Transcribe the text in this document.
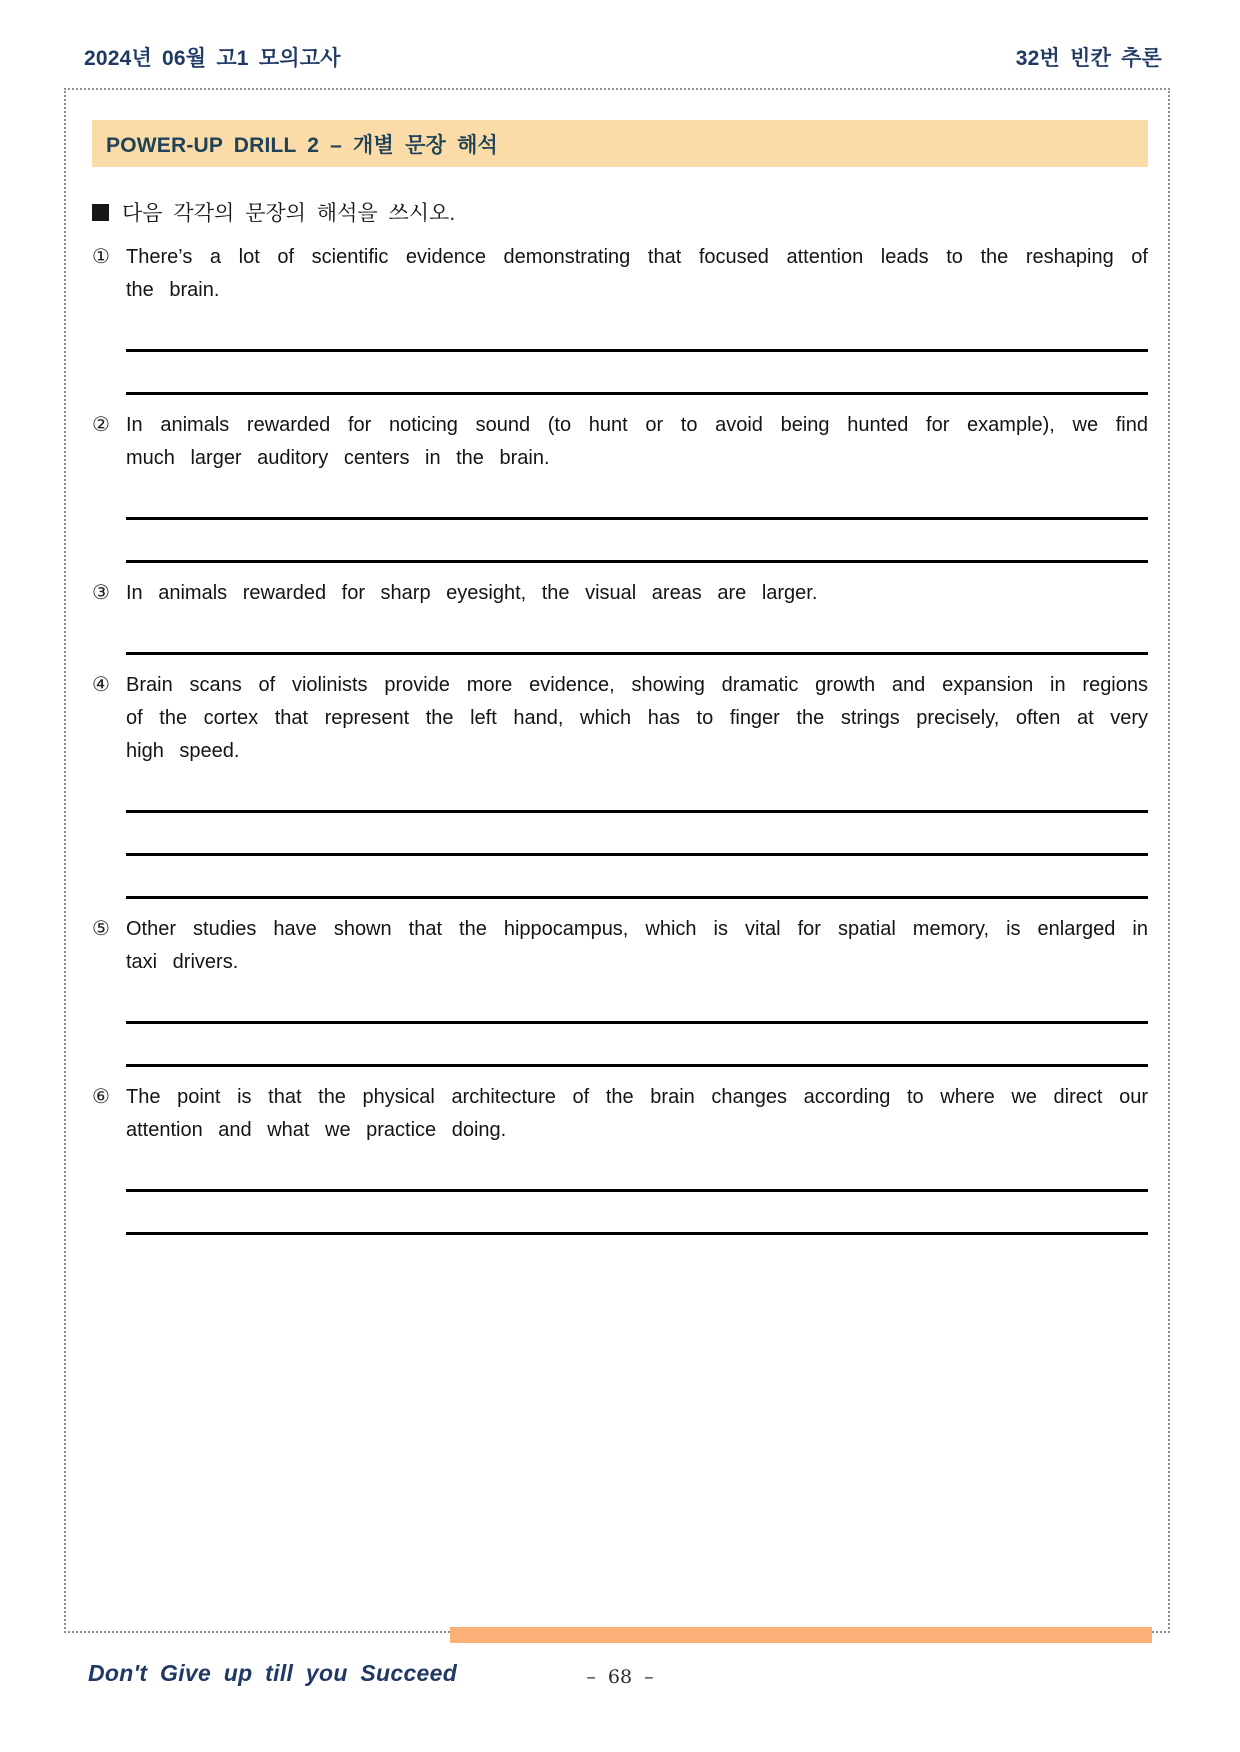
2024년 06월 고1 모의고사	32번 빈칸 추론
POWER-UP DRILL 2 – 개별 문장 해석
다음 각각의 문장의 해석을 쓰시오.
① There’s a lot of scientific evidence demonstrating that focused attention leads to the reshaping of the brain.
② In animals rewarded for noticing sound (to hunt or to avoid being hunted for example), we find much larger auditory centers in the brain.
③ In animals rewarded for sharp eyesight, the visual areas are larger.
④ Brain scans of violinists provide more evidence, showing dramatic growth and expansion in regions of the cortex that represent the left hand, which has to finger the strings precisely, often at very high speed.
⑤ Other studies have shown that the hippocampus, which is vital for spatial memory, is enlarged in taxi drivers.
⑥ The point is that the physical architecture of the brain changes according to where we direct our attention and what we practice doing.
Don't Give up till you Succeed	– 68 –
